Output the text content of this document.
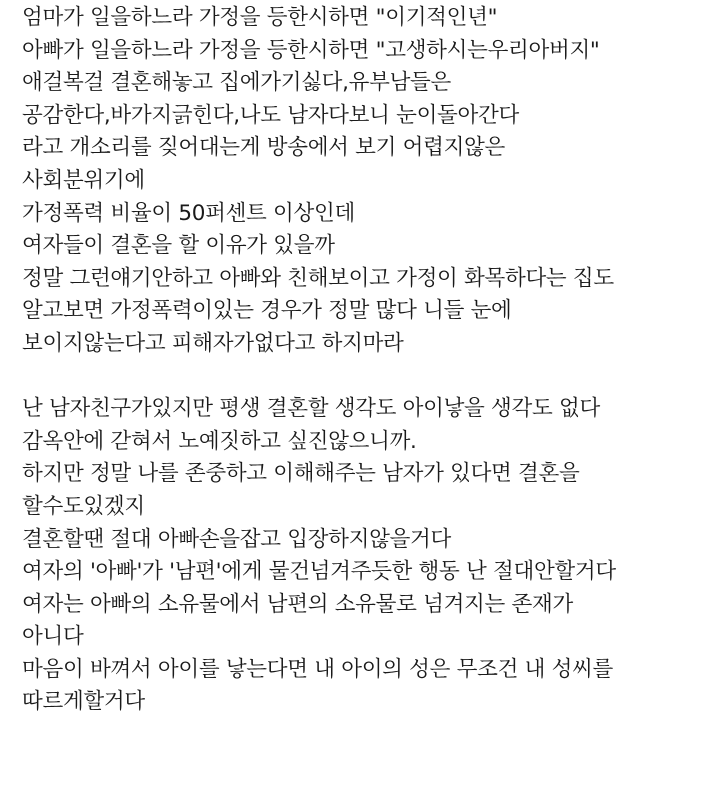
엄마가 일을하느라 가정을 등한시하면 "이기적인년"
아빠가 일을하느라 가정을 등한시하면 "고생하시는우리아버지"
애걸복걸 결혼해놓고 집에가기싫다,유부남들은
공감한다,바가지긁힌다,나도 남자다보니 눈이돌아간다
라고 개소리를 짖어대는게 방송에서 보기 어렵지않은
사회분위기에
가정폭력 비율이 50퍼센트 이상인데
여자들이 결혼을 할 이유가 있을까
정말 그런얘기안하고 아빠와 친해보이고 가정이 화목하다는 집도
알고보면 가정폭력이있는 경우가 정말 많다 니들 눈에
보이지않는다고 피해자가없다고 하지마라
난 남자친구가있지만 평생 결혼할 생각도 아이낳을 생각도 없다
감옥안에 갇혀서 노예짓하고 싶진않으니까.
하지만 정말 나를 존중하고 이해해주는 남자가 있다면 결혼을
할수도있겠지
결혼할땐 절대 아빠손을잡고 입장하지않을거다
여자의 '아빠'가 '남편'에게 물건넘겨주듯한 행동 난 절대안할거다
여자는 아빠의 소유물에서 남편의 소유물로 넘겨지는 존재가
아니다
마음이 바껴서 아이를 낳는다면 내 아이의 성은 무조건 내 성씨를
따르게할거다
